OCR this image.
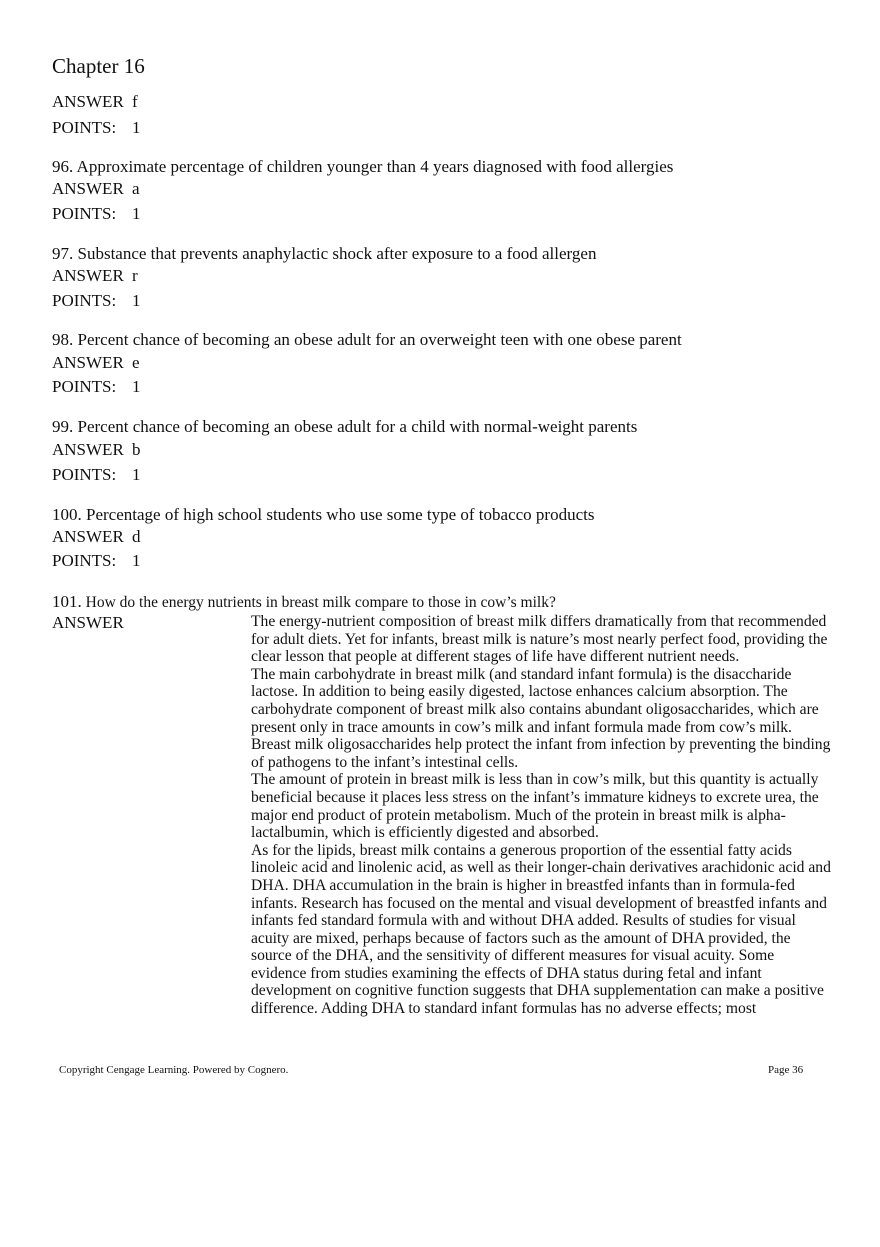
Chapter 16
ANSWER f
POINTS: 1
96. Approximate percentage of children younger than 4 years diagnosed with food allergies
ANSWER a
POINTS: 1
97. Substance that prevents anaphylactic shock after exposure to a food allergen
ANSWER r
POINTS: 1
98. Percent chance of becoming an obese adult for an overweight teen with one obese parent
ANSWER e
POINTS: 1
99. Percent chance of becoming an obese adult for a child with normal-weight parents
ANSWER b
POINTS: 1
100. Percentage of high school students who use some type of tobacco products
ANSWER d
POINTS: 1
101. How do the energy nutrients in breast milk compare to those in cow’s milk?
ANSWER	The energy-nutrient composition of breast milk differs dramatically from that recommended for adult diets. Yet for infants, breast milk is nature’s most nearly perfect food, providing the clear lesson that people at different stages of life have different nutrient needs.

The main carbohydrate in breast milk (and standard infant formula) is the disaccharide lactose. In addition to being easily digested, lactose enhances calcium absorption. The carbohydrate component of breast milk also contains abundant oligosaccharides, which are present only in trace amounts in cow’s milk and infant formula made from cow’s milk. Breast milk oligosaccharides help protect the infant from infection by preventing the binding of pathogens to the infant’s intestinal cells.

The amount of protein in breast milk is less than in cow’s milk, but this quantity is actually beneficial because it places less stress on the infant’s immature kidneys to excrete urea, the major end product of protein metabolism. Much of the protein in breast milk is alpha-lactalbumin, which is efficiently digested and absorbed.

As for the lipids, breast milk contains a generous proportion of the essential fatty acids linoleic acid and linolenic acid, as well as their longer-chain derivatives arachidonic acid and DHA. DHA accumulation in the brain is higher in breastfed infants than in formula-fed infants. Research has focused on the mental and visual development of breastfed infants and infants fed standard formula with and without DHA added. Results of studies for visual acuity are mixed, perhaps because of factors such as the amount of DHA provided, the source of the DHA, and the sensitivity of different measures for visual acuity. Some evidence from studies examining the effects of DHA status during fetal and infant development on cognitive function suggests that DHA supplementation can make a positive difference. Adding DHA to standard infant formulas has no adverse effects; most

Copyright Cengage Learning. Powered by Cognero.	Page 36
